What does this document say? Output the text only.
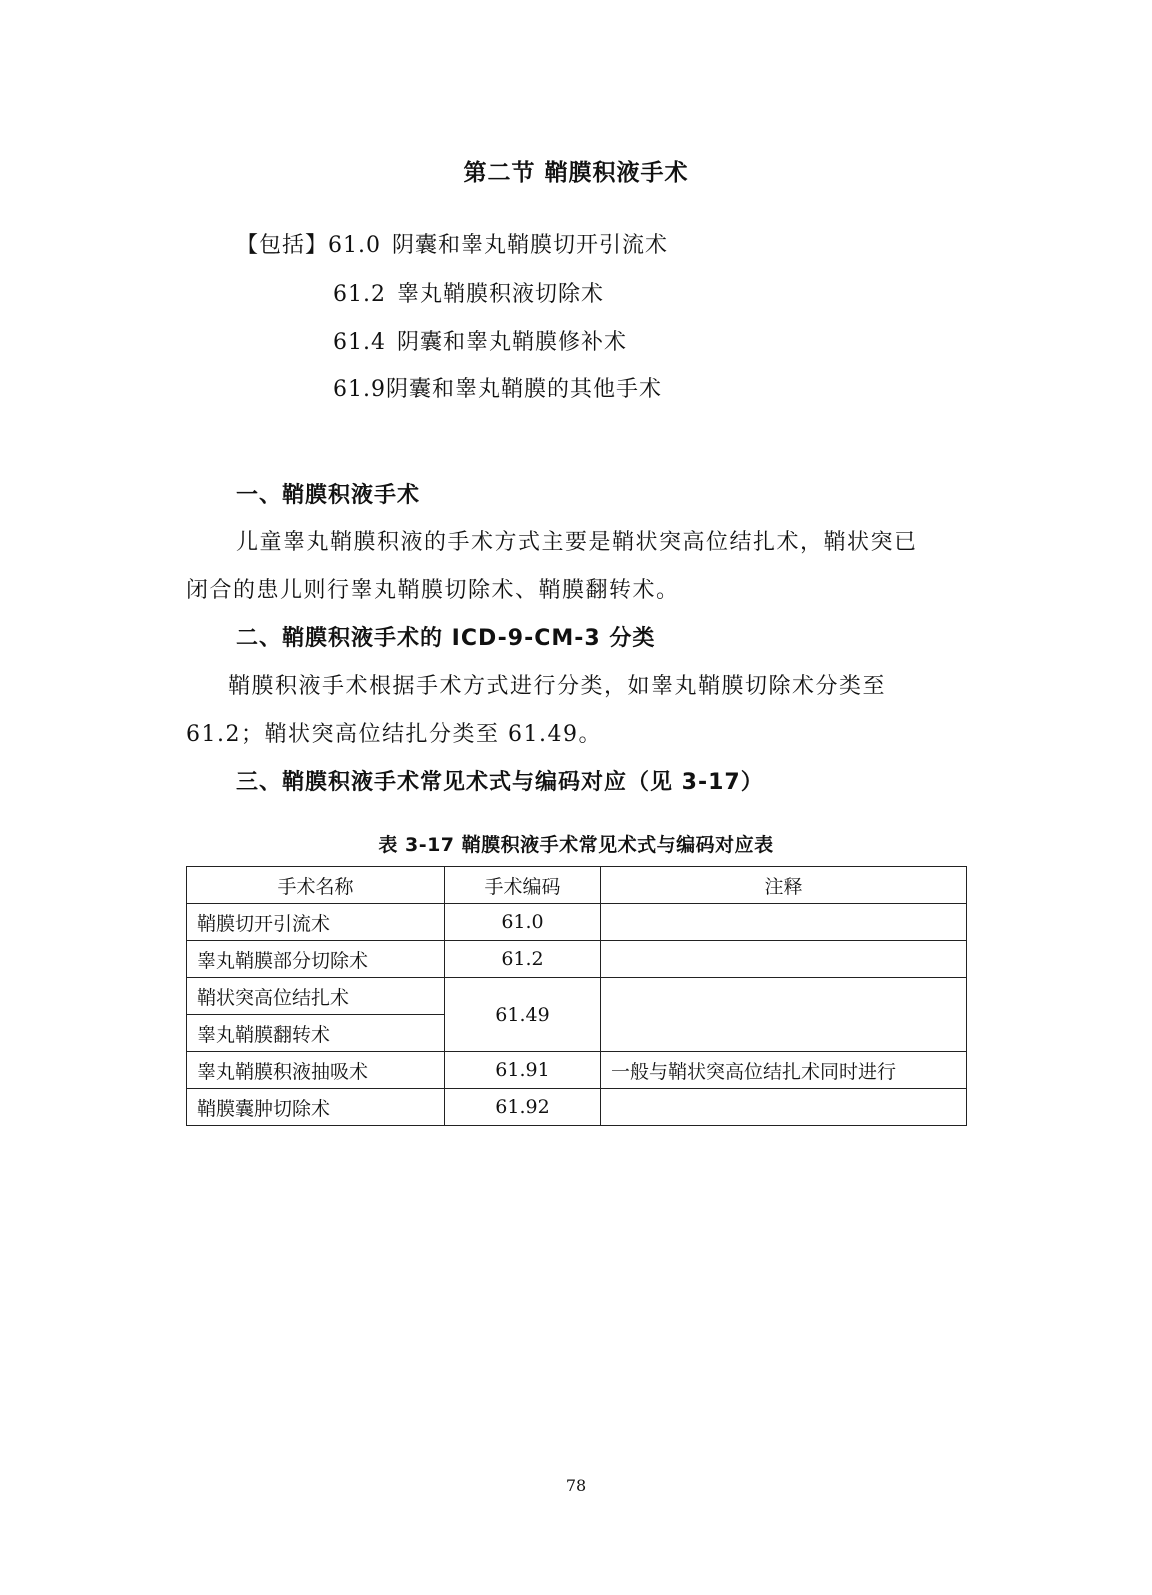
第二节 鞘膜积液手术
【包括】61.0 阴囊和睾丸鞘膜切开引流术
61.2 睾丸鞘膜积液切除术
61.4 阴囊和睾丸鞘膜修补术
61.9阴囊和睾丸鞘膜的其他手术
一、鞘膜积液手术
儿童睾丸鞘膜积液的手术方式主要是鞘状突高位结扎术，鞘状突已
闭合的患儿则行睾丸鞘膜切除术、鞘膜翻转术。
二、鞘膜积液手术的 ICD-9-CM-3 分类
鞘膜积液手术根据手术方式进行分类，如睾丸鞘膜切除术分类至
61.2；鞘状突高位结扎分类至 61.49。
三、鞘膜积液手术常见术式与编码对应（见 3-17）
表 3-17 鞘膜积液手术常见术式与编码对应表
手术名称	手术编码	注释
鞘膜切开引流术	61.0	
睾丸鞘膜部分切除术	61.2	
鞘状突高位结扎术	61.49	
睾丸鞘膜翻转术		
睾丸鞘膜积液抽吸术	61.91	一般与鞘状突高位结扎术同时进行
鞘膜囊肿切除术	61.92	
78
